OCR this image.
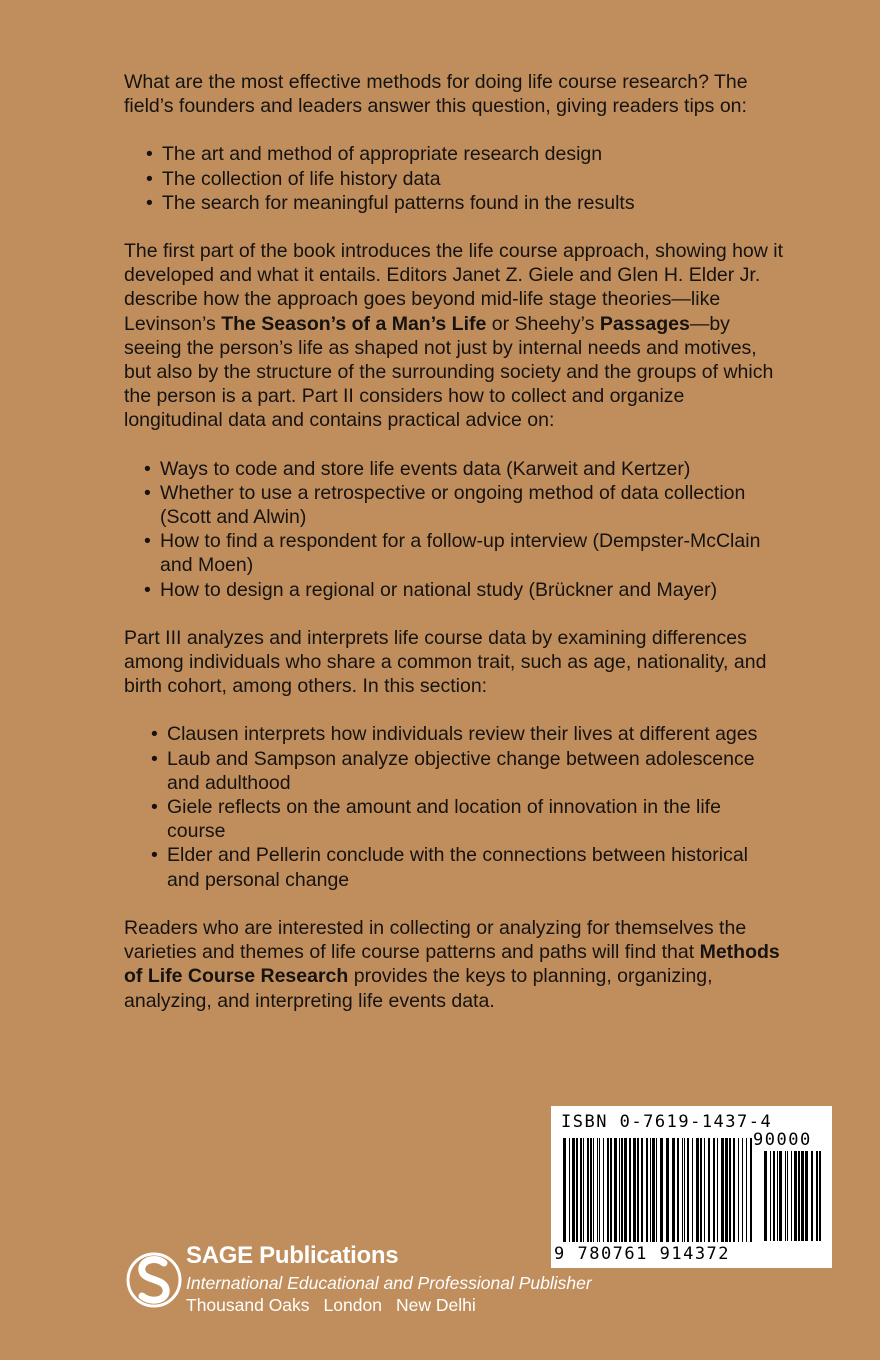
What are the most effective methods for doing life course research? The field’s founders and leaders answer this question, giving readers tips on:

• The art and method of appropriate research design
• The collection of life history data
• The search for meaningful patterns found in the results

The first part of the book introduces the life course approach, showing how it developed and what it entails. Editors Janet Z. Giele and Glen H. Elder Jr. describe how the approach goes beyond mid-life stage theories—like Levinson’s The Season’s of a Man’s Life or Sheehy’s Passages—by seeing the person’s life as shaped not just by internal needs and motives, but also by the structure of the surrounding society and the groups of which the person is a part. Part II considers how to collect and organize longitudinal data and contains practical advice on:

• Ways to code and store life events data (Karweit and Kertzer)
• Whether to use a retrospective or ongoing method of data collection (Scott and Alwin)
• How to find a respondent for a follow-up interview (Dempster-McClain and Moen)
• How to design a regional or national study (Brückner and Mayer)

Part III analyzes and interprets life course data by examining differences among individuals who share a common trait, such as age, nationality, and birth cohort, among others. In this section:

• Clausen interprets how individuals review their lives at different ages
• Laub and Sampson analyze objective change between adolescence and adulthood
• Giele reflects on the amount and location of innovation in the life course
• Elder and Pellerin conclude with the connections between historical and personal change

Readers who are interested in collecting or analyzing for themselves the varieties and themes of life course patterns and paths will find that Methods of Life Course Research provides the keys to planning, organizing, analyzing, and interpreting life events data.

ISBN 0-7619-1437-4
90000
9 780761 914372
SAGE Publications
International Educational and Professional Publisher
Thousand Oaks London New Delhi
